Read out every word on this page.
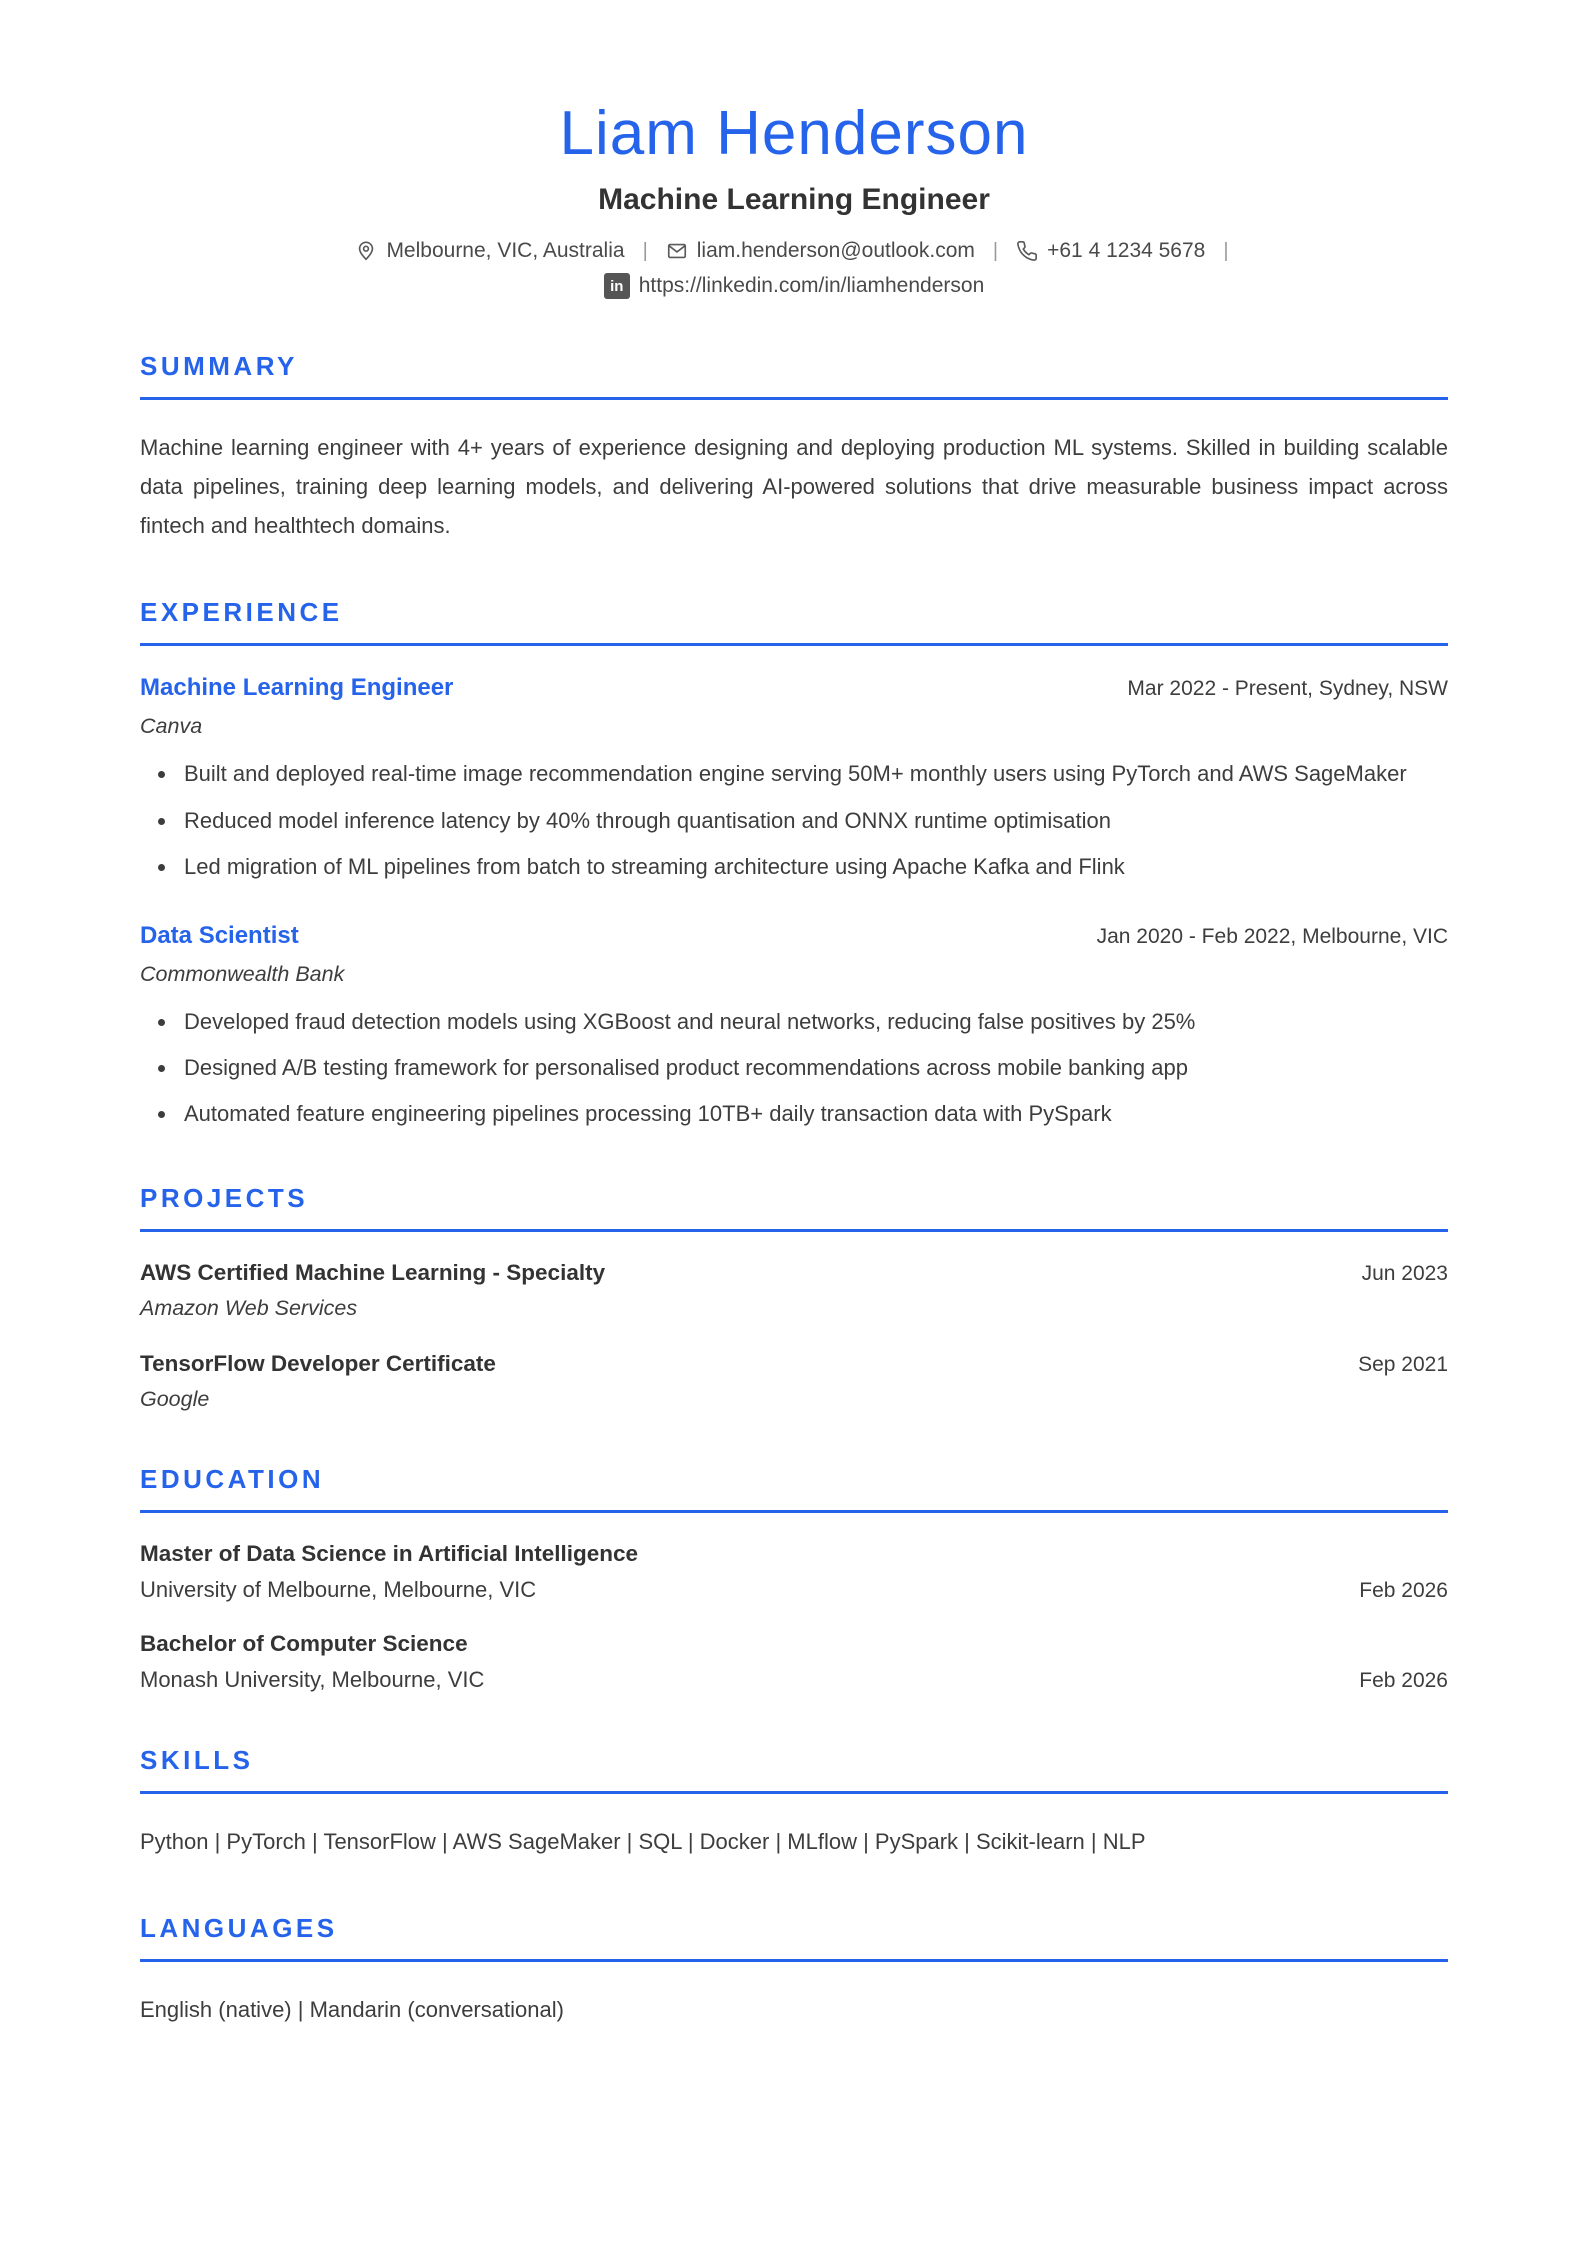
Liam Henderson
Machine Learning Engineer
Melbourne, VIC, Australia | liam.henderson@outlook.com | +61 4 1234 5678 |
in https://linkedin.com/in/liamhenderson
SUMMARY

Machine learning engineer with 4+ years of experience designing and deploying production ML systems. Skilled in building scalable data pipelines, training deep learning models, and delivering AI-powered solutions that drive measurable business impact across fintech and healthtech domains.

EXPERIENCE
Machine Learning Engineer	Mar 2022 - Present, Sydney, NSW
Canva
• Built and deployed real-time image recommendation engine serving 50M+ monthly users using PyTorch and AWS SageMaker
• Reduced model inference latency by 40% through quantisation and ONNX runtime optimisation
• Led migration of ML pipelines from batch to streaming architecture using Apache Kafka and Flink
Data Scientist	Jan 2020 - Feb 2022, Melbourne, VIC
Commonwealth Bank
• Developed fraud detection models using XGBoost and neural networks, reducing false positives by 25%
• Designed A/B testing framework for personalised product recommendations across mobile banking app
• Automated feature engineering pipelines processing 10TB+ daily transaction data with PySpark
PROJECTS
AWS Certified Machine Learning - Specialty	Jun 2023
Amazon Web Services
TensorFlow Developer Certificate	Sep 2021
Google
EDUCATION
Master of Data Science in Artificial Intelligence
University of Melbourne, Melbourne, VIC	Feb 2026
Bachelor of Computer Science
Monash University, Melbourne, VIC	Feb 2026
SKILLS

Python | PyTorch | TensorFlow | AWS SageMaker | SQL | Docker | MLflow | PySpark | Scikit-learn | NLP

LANGUAGES

English (native) | Mandarin (conversational)
